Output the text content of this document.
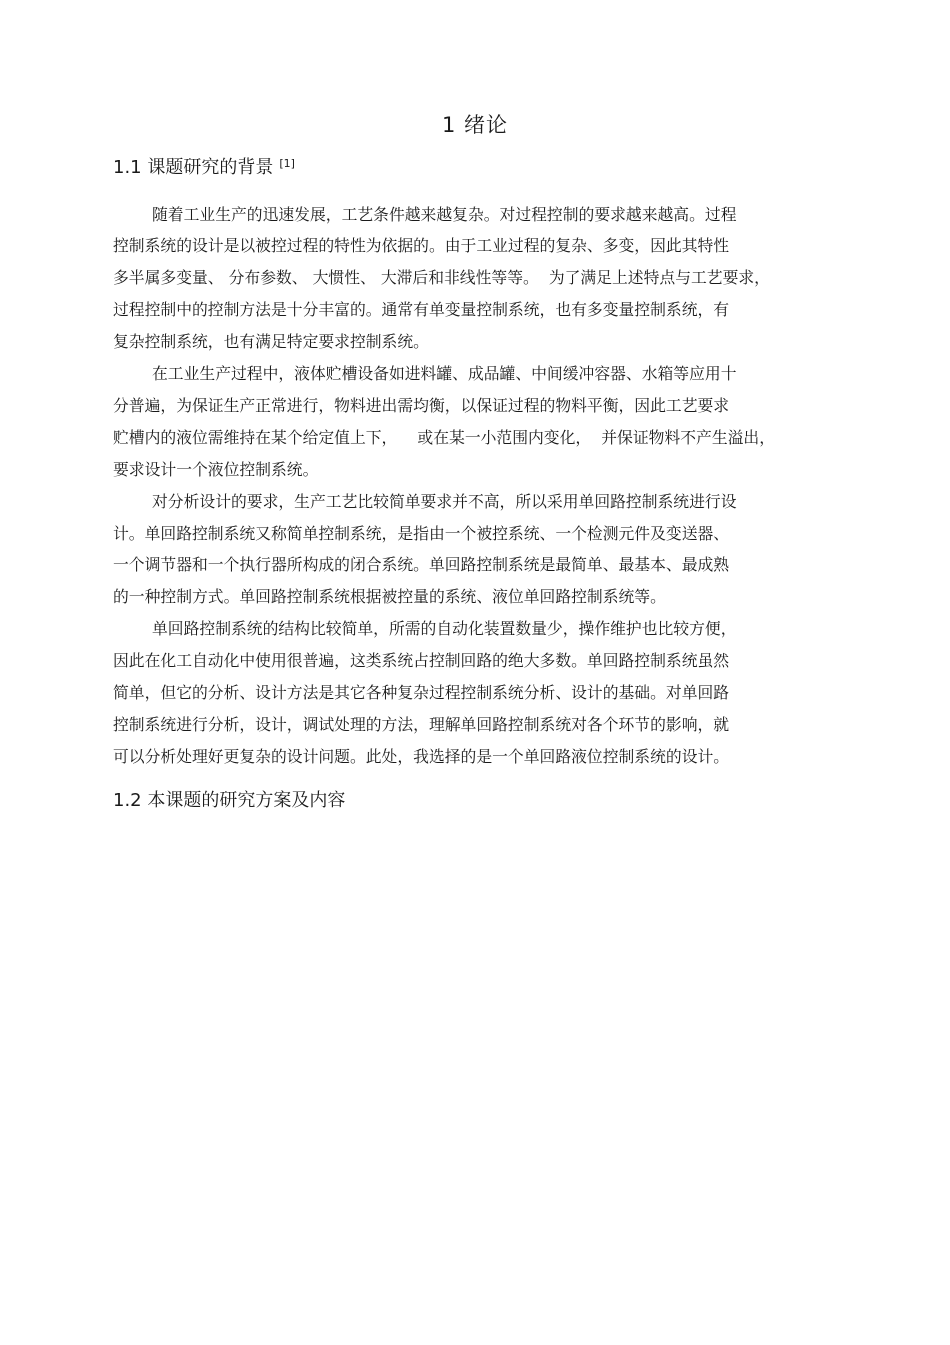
1 绪论
1.1 课题研究的背景 [1]
随着工业生产的迅速发展，工艺条件越来越复杂。对过程控制的要求越来越高。过程
控制系统的设计是以被控过程的特性为依据的。由于工业过程的复杂、多变，因此其特性
多半属多变量、 分布参数、 大惯性、 大滞后和非线性等等。  为了满足上述特点与工艺要求，
过程控制中的控制方法是十分丰富的。通常有单变量控制系统，也有多变量控制系统，有
复杂控制系统，也有满足特定要求控制系统。
在工业生产过程中，液体贮槽设备如进料罐、成品罐、中间缓冲容器、水箱等应用十
分普遍，为保证生产正常进行，物料进出需均衡，以保证过程的物料平衡，因此工艺要求
贮槽内的液位需维持在某个给定值上下，    或在某一小范围内变化，  并保证物料不产生溢出，
要求设计一个液位控制系统。
对分析设计的要求，生产工艺比较简单要求并不高，所以采用单回路控制系统进行设
计。单回路控制系统又称简单控制系统，是指由一个被控系统、一个检测元件及变送器、
一个调节器和一个执行器所构成的闭合系统。单回路控制系统是最简单、最基本、最成熟
的一种控制方式。单回路控制系统根据被控量的系统、液位单回路控制系统等。
单回路控制系统的结构比较简单，所需的自动化装置数量少，操作维护也比较方便，
因此在化工自动化中使用很普遍，这类系统占控制回路的绝大多数。单回路控制系统虽然
简单，但它的分析、设计方法是其它各种复杂过程控制系统分析、设计的基础。对单回路
控制系统进行分析，设计，调试处理的方法，理解单回路控制系统对各个环节的影响，就
可以分析处理好更复杂的设计问题。此处，我选择的是一个单回路液位控制系统的设计。
1.2 本课题的研究方案及内容
